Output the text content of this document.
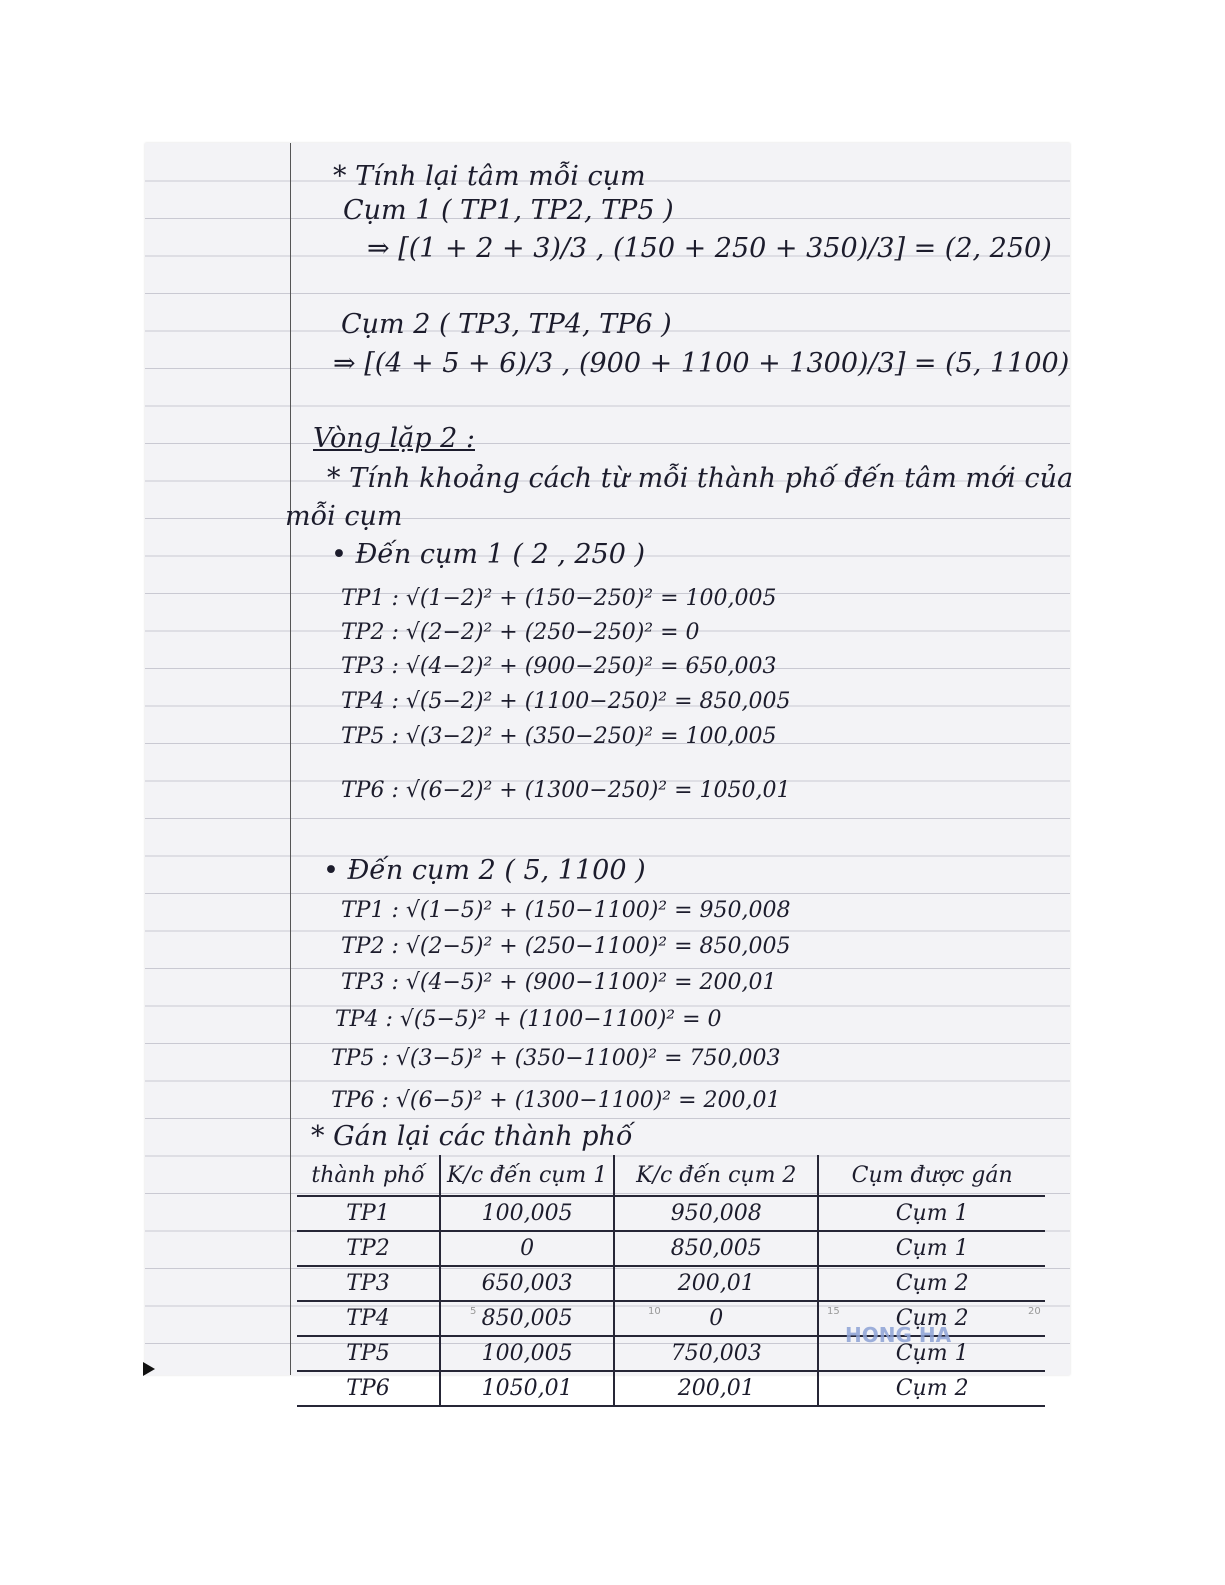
* Tính lại tâm mỗi cụm
Cụm 1 ( TP1, TP2, TP5 )
⇒ [(1 + 2 + 3)/3 , (150 + 250 + 350)/3] = (2, 250)
Cụm 2 ( TP3, TP4, TP6 )
⇒ [(4 + 5 + 6)/3 , (900 + 1100 + 1300)/3] = (5, 1100)
Vòng lặp 2 :
* Tính khoảng cách từ mỗi thành phố đến tâm mới của
mỗi cụm
• Đến cụm 1 ( 2 , 250 )
TP1 : √(1−2)² + (150−250)² = 100,005
TP2 : √(2−2)² + (250−250)² = 0
TP3 : √(4−2)² + (900−250)² = 650,003
TP4 : √(5−2)² + (1100−250)² = 850,005
TP5 : √(3−2)² + (350−250)² = 100,005
TP6 : √(6−2)² + (1300−250)² = 1050,01
• Đến cụm 2 ( 5, 1100 )
TP1 : √(1−5)² + (150−1100)² = 950,008
TP2 : √(2−5)² + (250−1100)² = 850,005
TP3 : √(4−5)² + (900−1100)² = 200,01
TP4 : √(5−5)² + (1100−1100)² = 0
TP5 : √(3−5)² + (350−1100)² = 750,003
TP6 : √(6−5)² + (1300−1100)² = 200,01
* Gán lại các thành phố
thành phố	K/c đến cụm 1	K/c đến cụm 2	Cụm được gán
TP1	100,005	950,008	Cụm 1
TP2	0	850,005	Cụm 1
TP3	650,003	200,01	Cụm 2
TP4	850,005	0	Cụm 2
TP5	100,005	750,003	Cụm 1
TP6	1050,01	200,01	Cụm 2
5	10	15	20
HONG HA
